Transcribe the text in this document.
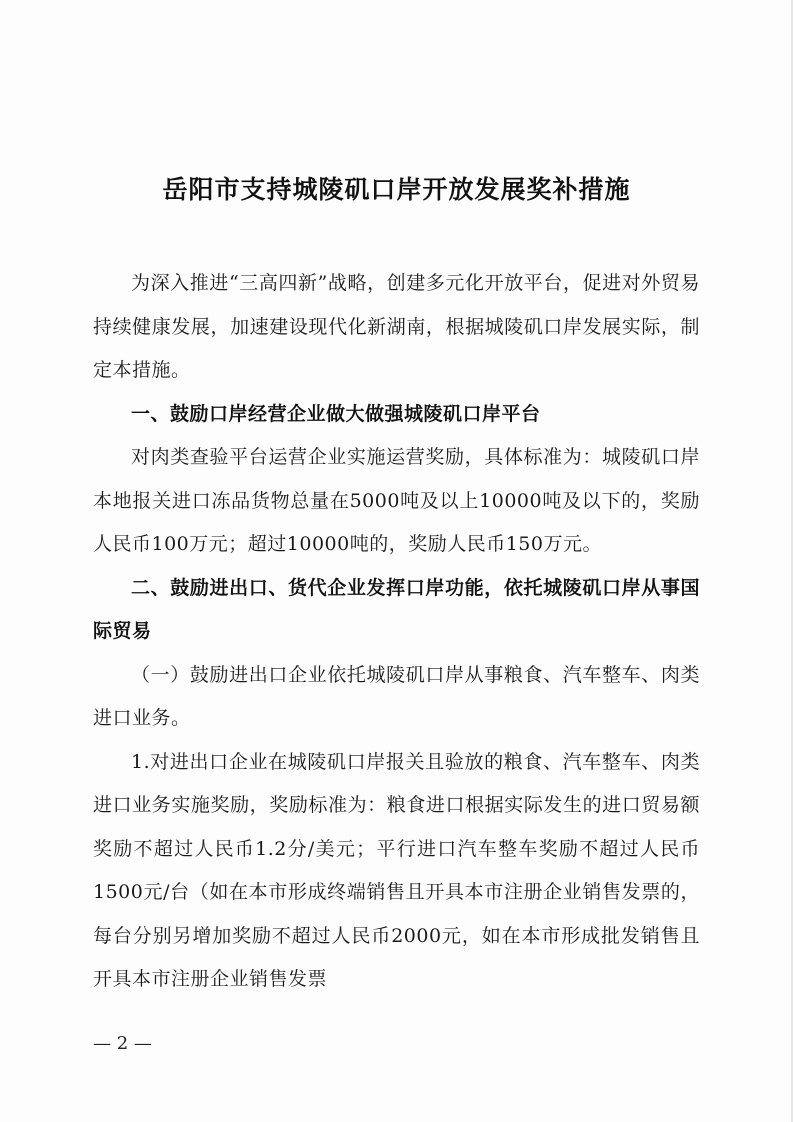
岳阳市支持城陵矶口岸开放发展奖补措施

为深入推进“三高四新”战略，创建多元化开放平台，促进对外贸易持续健康发展，加速建设现代化新湖南，根据城陵矶口岸发展实际，制定本措施。

一、鼓励口岸经营企业做大做强城陵矶口岸平台

对肉类查验平台运营企业实施运营奖励，具体标准为：城陵矶口岸本地报关进口冻品货物总量在5000吨及以上10000吨及以下的，奖励人民币100万元；超过10000吨的，奖励人民币150万元。

二、鼓励进出口、货代企业发挥口岸功能，依托城陵矶口岸从事国际贸易

（一）鼓励进出口企业依托城陵矶口岸从事粮食、汽车整车、肉类进口业务。

1.对进出口企业在城陵矶口岸报关且验放的粮食、汽车整车、肉类进口业务实施奖励，奖励标准为：粮食进口根据实际发生的进口贸易额奖励不超过人民币1.2分/美元；平行进口汽车整车奖励不超过人民币1500元/台（如在本市形成终端销售且开具本市注册企业销售发票的，每台分别另增加奖励不超过人民币2000元，如在本市形成批发销售且开具本市注册企业销售发票

— 2 —
